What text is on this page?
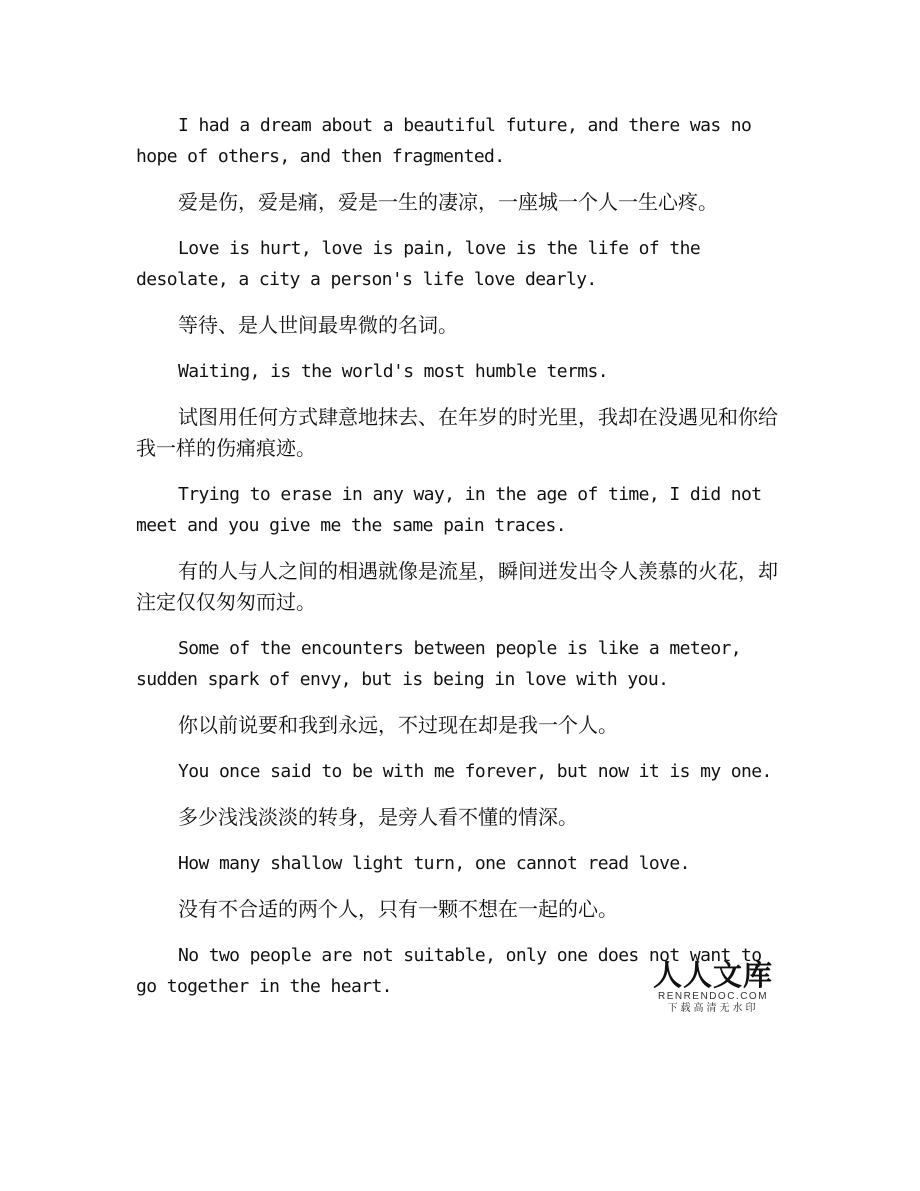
I had a dream about a beautiful future, and there was no hope of others, and then fragmented.

爱是伤，爱是痛，爱是一生的凄凉，一座城一个人一生心疼。

Love is hurt, love is pain, love is the life of the desolate, a city a person's life love dearly.

等待、是人世间最卑微的名词。

Waiting, is the world's most humble terms.

试图用任何方式肆意地抹去、在年岁的时光里，我却在没遇见和你给我一样的伤痛痕迹。

Trying to erase in any way, in the age of time, I did not meet and you give me the same pain traces.

有的人与人之间的相遇就像是流星，瞬间迸发出令人羡慕的火花，却注定仅仅匆匆而过。

Some of the encounters between people is like a meteor, sudden spark of envy, but is being in love with you.

你以前说要和我到永远，不过现在却是我一个人。

You once said to be with me forever, but now it is my one.

多少浅浅淡淡的转身，是旁人看不懂的情深。

How many shallow light turn, one cannot read love.

没有不合适的两个人，只有一颗不想在一起的心。

No two people are not suitable, only one does not want to go together in the heart.	人人文库
RENRENDOC.COM
下载高清无水印
